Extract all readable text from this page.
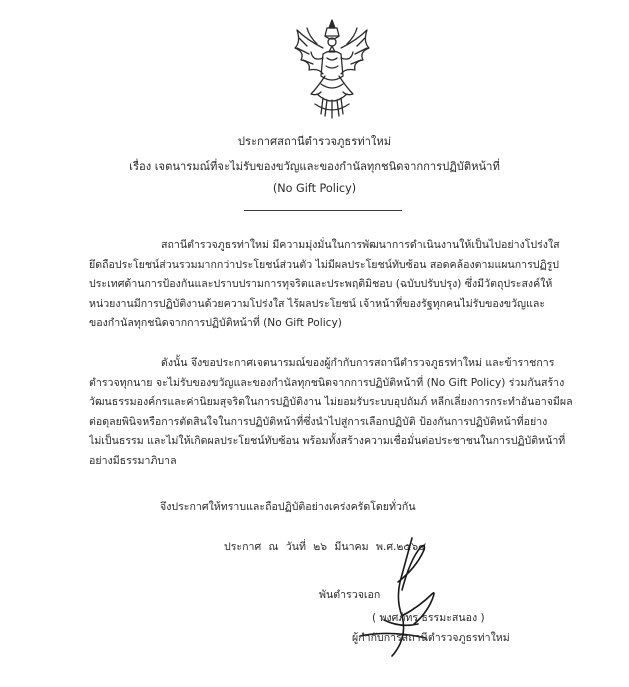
ประกาศสถานีตำรวจภูธรท่าใหม่
เรื่อง เจตนารมณ์ที่จะไม่รับของขวัญและของกำนัลทุกชนิดจากการปฏิบัติหน้าที่
(No Gift Policy)
สถานีตำรวจภูธรท่าใหม่ มีความมุ่งมั่นในการพัฒนาการดำเนินงานให้เป็นไปอย่างโปร่งใส
ยึดถือประโยชน์ส่วนรวมมากกว่าประโยชน์ส่วนตัว ไม่มีผลประโยชน์ทับซ้อน สอดคล้องตามแผนการปฏิรูป
ประเทศด้านการป้องกันและปราบปรามการทุจริตและประพฤติมิชอบ (ฉบับปรับปรุง) ซึ่งมีวัตถุประสงค์ให้
หน่วยงานมีการปฏิบัติงานด้วยความโปร่งใส ไร้ผลประโยชน์ เจ้าหน้าที่ของรัฐทุกคนไม่รับของขวัญและ
ของกำนัลทุกชนิดจากการปฏิบัติหน้าที่ (No Gift Policy)
ดังนั้น จึงขอประกาศเจตนารมณ์ของผู้กำกับการสถานีตำรวจภูธรท่าใหม่ และข้าราชการ
ตำรวจทุกนาย จะไม่รับของขวัญและของกำนัลทุกชนิดจากการปฏิบัติหน้าที่ (No Gift Policy) ร่วมกันสร้าง
วัฒนธรรมองค์กรและค่านิยมสุจริตในการปฏิบัติงาน ไม่ยอมรับระบบอุปถัมภ์ หลีกเลี่ยงการกระทำอันอาจมีผล
ต่อดุลยพินิจหรือการตัดสินใจในการปฏิบัติหน้าที่ซึ่งนำไปสู่การเลือกปฏิบัติ ป้องกันการปฏิบัติหน้าที่อย่าง
ไม่เป็นธรรม และไม่ให้เกิดผลประโยชน์ทับซ้อน พร้อมทั้งสร้างความเชื่อมั่นต่อประชาชนในการปฏิบัติหน้าที่
อย่างมีธรรมาภิบาล
จึงประกาศให้ทราบและถือปฏิบัติอย่างเคร่งครัดโดยทั่วกัน
ประกาศ ณ วันที่ ๒๖ มีนาคม พ.ศ.๒๕๖๔
พันตำรวจเอก
( พงศภัทร ธรรมะสนอง )
ผู้กำกับการสถานีตำรวจภูธรท่าใหม่
